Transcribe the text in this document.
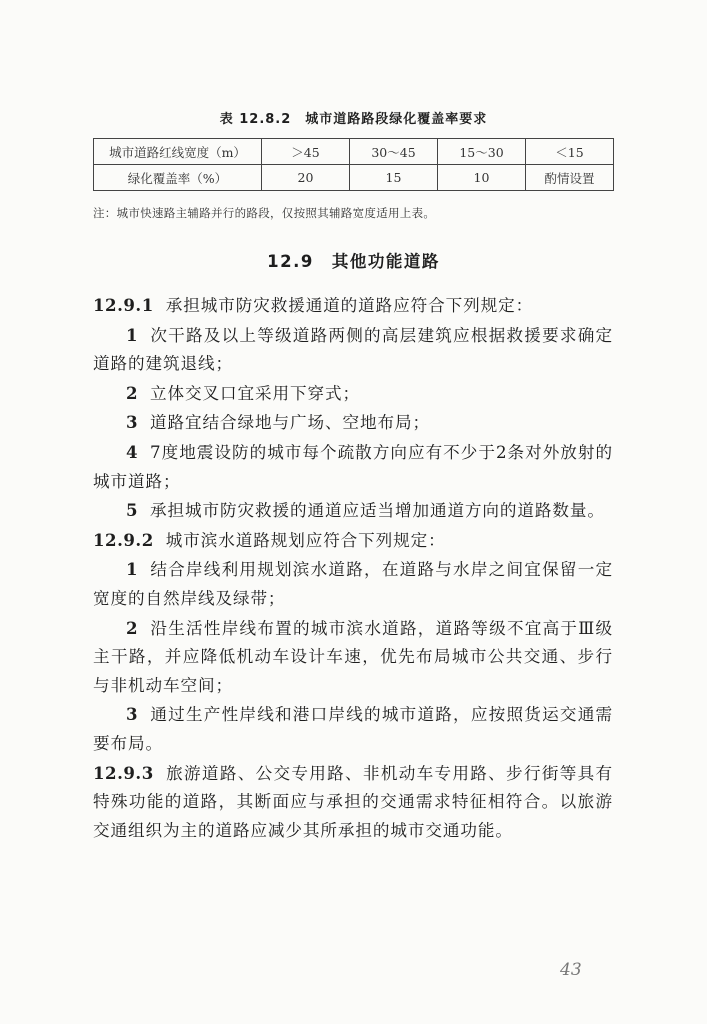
表 12.8.2　城市道路路段绿化覆盖率要求
城市道路红线宽度（m）	＞45	30～45	15～30	＜15
绿化覆盖率（%）	20	15	10	酌情设置
注：城市快速路主辅路并行的路段，仅按照其辅路宽度适用上表。
12.9　其他功能道路

12.9.1 承担城市防灾救援通道的道路应符合下列规定：

1 次干路及以上等级道路两侧的高层建筑应根据救援要求确定道路的建筑退线；

2 立体交叉口宜采用下穿式；

3 道路宜结合绿地与广场、空地布局；

4 7度地震设防的城市每个疏散方向应有不少于2条对外放射的城市道路；

5 承担城市防灾救援的通道应适当增加通道方向的道路数量。

12.9.2 城市滨水道路规划应符合下列规定：

1 结合岸线利用规划滨水道路，在道路与水岸之间宜保留一定宽度的自然岸线及绿带；

2 沿生活性岸线布置的城市滨水道路，道路等级不宜高于Ⅲ级主干路，并应降低机动车设计车速，优先布局城市公共交通、步行与非机动车空间；

3 通过生产性岸线和港口岸线的城市道路，应按照货运交通需要布局。

12.9.3 旅游道路、公交专用路、非机动车专用路、步行街等具有特殊功能的道路，其断面应与承担的交通需求特征相符合。以旅游交通组织为主的道路应减少其所承担的城市交通功能。

43
